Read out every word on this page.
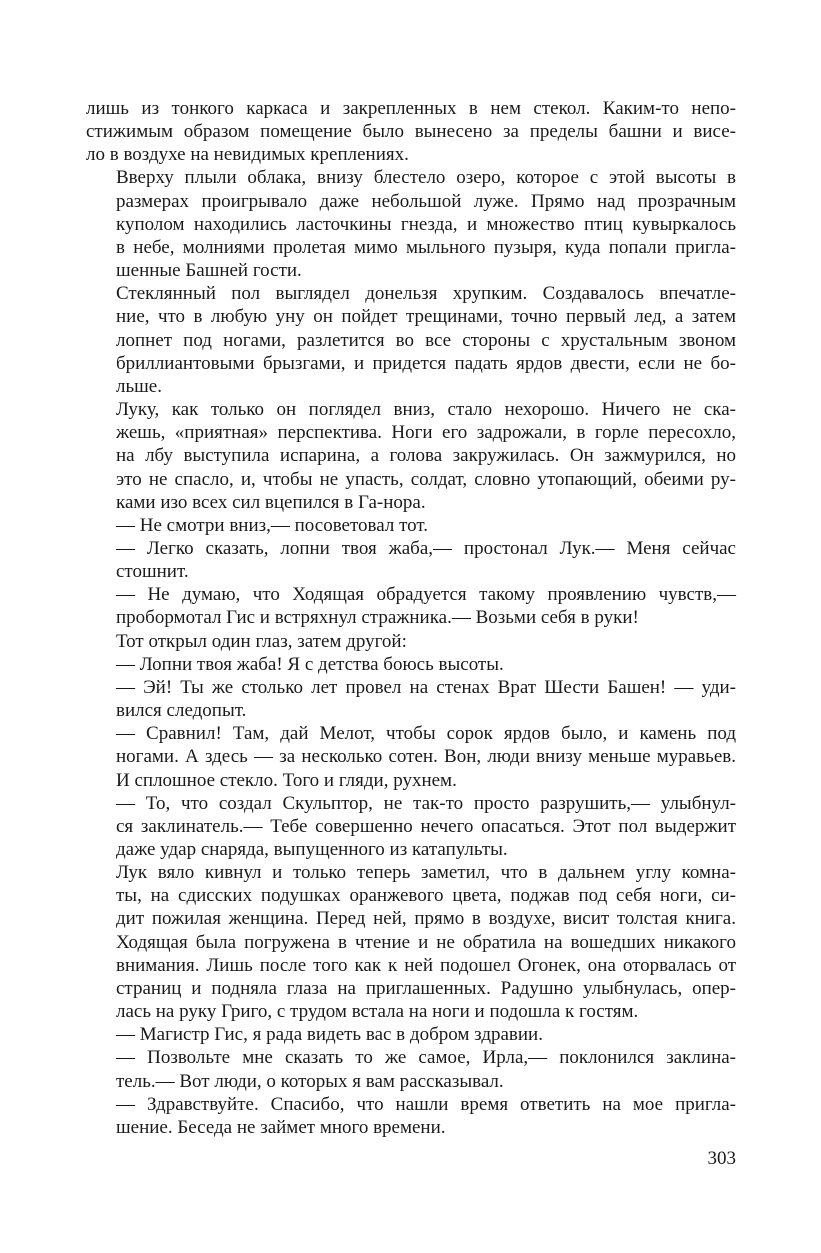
лишь из тонкого каркаса и закрепленных в нем стекол. Каким-то непо-
стижимым образом помещение было вынесено за пределы башни и висе-
ло в воздухе на невидимых креплениях.

Вверху плыли облака, внизу блестело озеро, которое с этой высоты в
размерах проигрывало даже небольшой луже. Прямо над прозрачным
куполом находились ласточкины гнезда, и множество птиц кувыркалось
в небе, молниями пролетая мимо мыльного пузыря, куда попали пригла-
шенные Башней гости.

Стеклянный пол выглядел донельзя хрупким. Создавалось впечатле-
ние, что в любую уну он пойдет трещинами, точно первый лед, а затем
лопнет под ногами, разлетится во все стороны с хрустальным звоном
бриллиантовыми брызгами, и придется падать ярдов двести, если не бо-
льше.

Луку, как только он поглядел вниз, стало нехорошо. Ничего не ска-
жешь, «приятная» перспектива. Ноги его задрожали, в горле пересохло,
на лбу выступила испарина, а голова закружилась. Он зажмурился, но
это не спасло, и, чтобы не упасть, солдат, словно утопающий, обеими ру-
ками изо всех сил вцепился в Га-нора.

— Не смотри вниз,— посоветовал тот.

— Легко сказать, лопни твоя жаба,— простонал Лук.— Меня сейчас
стошнит.

— Не думаю, что Ходящая обрадуется такому проявлению чувств,—
пробормотал Гис и встряхнул стражника.— Возьми себя в руки!

Тот открыл один глаз, затем другой:

— Лопни твоя жаба! Я с детства боюсь высоты.

— Эй! Ты же столько лет провел на стенах Врат Шести Башен! — уди-
вился следопыт.

— Сравнил! Там, дай Мелот, чтобы сорок ярдов было, и камень под
ногами. А здесь — за несколько сотен. Вон, люди внизу меньше муравьев.
И сплошное стекло. Того и гляди, рухнем.

— То, что создал Скульптор, не так-то просто разрушить,— улыбнул-
ся заклинатель.— Тебе совершенно нечего опасаться. Этот пол выдержит
даже удар снаряда, выпущенного из катапульты.

Лук вяло кивнул и только теперь заметил, что в дальнем углу комна-
ты, на сдисских подушках оранжевого цвета, поджав под себя ноги, си-
дит пожилая женщина. Перед ней, прямо в воздухе, висит толстая книга.
Ходящая была погружена в чтение и не обратила на вошедших никакого
внимания. Лишь после того как к ней подошел Огонек, она оторвалась от
страниц и подняла глаза на приглашенных. Радушно улыбнулась, опер-
лась на руку Григо, с трудом встала на ноги и подошла к гостям.

— Магистр Гис, я рада видеть вас в добром здравии.

— Позвольте мне сказать то же самое, Ирла,— поклонился заклина-
тель.— Вот люди, о которых я вам рассказывал.

— Здравствуйте. Спасибо, что нашли время ответить на мое пригла-
шение. Беседа не займет много времени.

303
